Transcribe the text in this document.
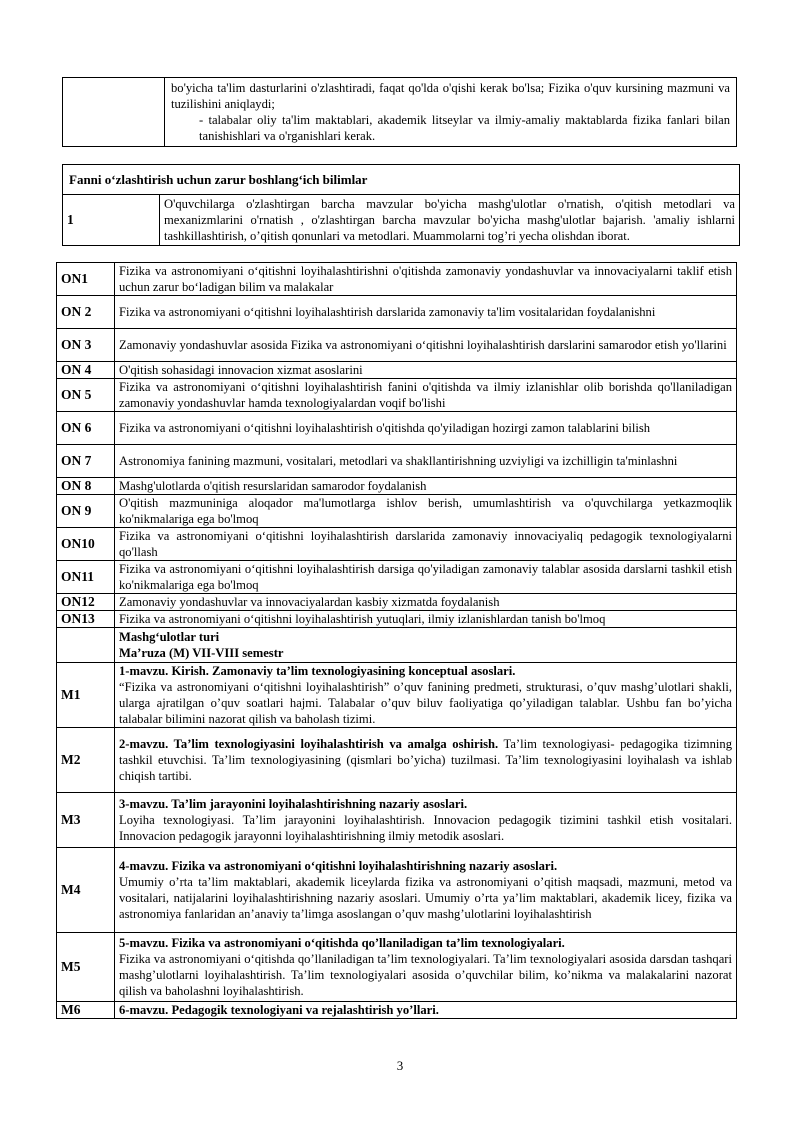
	bo'yicha ta'lim dasturlarini o'zlashtiradi, faqat qo'lda o'qishi kerak bo'lsa; Fizika o'quv kursining mazmuni va tuzilishini aniqlaydi;
- talabalar oliy ta'lim maktablari, akademik litseylar va ilmiy-amaliy maktablarda fizika fanlari bilan tanishishlari va o'rganishlari kerak.
Fanni o‘zlashtirish uchun zarur boshlang‘ich bilimlar
1	O'quvchilarga o'zlashtirgan barcha mavzular bo'yicha mashg'ulotlar o'rnatish, o'qitish metodlari va mexanizmlarini o'rnatish , o'zlashtirgan barcha mavzular bo'yicha mashg'ulotlar bajarish. 'amaliy ishlarni tashkillashtirish, o’qitish qonunlari va metodlari. Muammolarni tog’ri yecha olishdan iborat.
ON1	Fizika va astronomiyani o‘qitishni loyihalashtirishni o'qitishda zamonaviy yondashuvlar va innovaciyalarni taklif etish uchun zarur bo‘ladigan bilim va malakalar
ON 2	Fizika va astronomiyani o‘qitishni loyihalashtirish darslarida zamonaviy ta'lim vositalaridan foydalanishni
ON 3	Zamonaviy yondashuvlar asosida Fizika va astronomiyani o‘qitishni loyihalashtirish darslarini samarodor etish yo'llarini
ON 4	O'qitish sohasidagi innovacion xizmat asoslarini
ON 5	Fizika va astronomiyani o‘qitishni loyihalashtirish fanini o'qitishda va ilmiy izlanishlar olib borishda qo'llaniladigan zamonaviy yondashuvlar hamda texnologiyalardan voqif bo'lishi
ON 6	Fizika va astronomiyani o‘qitishni loyihalashtirish o'qitishda qo'yiladigan hozirgi zamon talablarini bilish
ON 7	Astronomiya fanining mazmuni, vositalari, metodlari va shakllantirishning uzviyligi va izchilligin ta'minlashni
ON 8	Mashg'ulotlarda o'qitish resurslaridan samarodor foydalanish
ON 9	O'qitish mazmuniniga aloqador ma'lumotlarga ishlov berish, umumlashtirish va o'quvchilarga yetkazmoqlik ko'nikmalariga ega bo'lmoq
ON10	Fizika va astronomiyani o‘qitishni loyihalashtirish darslarida zamonaviy innovaciyaliq pedagogik texnologiyalarni qo'llash
ON11	Fizika va astronomiyani o‘qitishni loyihalashtirish darsiga qo'yiladigan zamonaviy talablar asosida darslarni tashkil etish ko'nikmalariga ega bo'lmoq
ON12	Zamonaviy yondashuvlar va innovaciyalardan kasbiy xizmatda foydalanish
ON13	Fizika va astronomiyani o‘qitishni loyihalashtirish yutuqlari, ilmiy izlanishlardan tanish bo'lmoq

	Mashg‘ulotlar turi
Ma’ruza (M) VII-VIII semestr

M1	1-mavzu. Kirish. Zamonaviy ta’lim texnologiyasining konceptual asoslari.
“Fizika va astronomiyani o‘qitishni loyihalashtirish” o’quv fanining predmeti, strukturasi, o’quv mashg’ulotlari shakli, ularga ajratilgan o’quv soatlari hajmi. Talabalar o’quv biluv faoliyatiga qo’yiladigan talablar. Ushbu fan bo’yicha talabalar bilimini nazorat qilish va baholash tizimi.

M2	2-mavzu. Ta’lim texnologiyasini loyihalashtirish va amalga oshirish. Ta’lim texnologiyasi- pedagogika tizimning tashkil etuvchisi. Ta’lim texnologiyasining (qismlari bo’yicha) tuzilmasi. Ta’lim texnologiyasini loyihalash va ishlab chiqish tartibi.
M3	3-mavzu. Ta’lim jarayonini loyihalashtirishning nazariy asoslari.
Loyiha texnologiyasi. Ta’lim jarayonini loyihalashtirish. Innovacion pedagogik tizimini tashkil etish vositalari. Innovacion pedagogik jarayonni loyihalashtirishning ilmiy metodik asoslari.

M4	4-mavzu. Fizika va astronomiyani o‘qitishni loyihalashtirishning nazariy asoslari.
Umumiy o’rta ta’lim maktablari, akademik liceylarda fizika va astronomiyani o’qitish maqsadi, mazmuni, metod va vositalari, natijalarini loyihalashtirishning nazariy asoslari. Umumiy o’rta ya’lim maktablari, akademik licey, fizika va astronomiya fanlaridan an’anaviy ta’limga asoslangan o’quv mashg’ulotlarini loyihalashtirish

M5	5-mavzu. Fizika va astronomiyani o‘qitishda qo’llaniladigan ta’lim texnologiyalari.
Fizika va astronomiyani o‘qitishda qo’llaniladigan ta’lim texnologiyalari. Ta’lim texnologiyalari asosida darsdan tashqari mashg’ulotlarni loyihalashtirish. Ta’lim texnologiyalari asosida o’quvchilar bilim, ko’nikma va malakalarini nazorat qilish va baholashni loyihalashtirish.

M6	6-mavzu. Pedagogik texnologiyani va rejalashtirish yo’llari.
3
